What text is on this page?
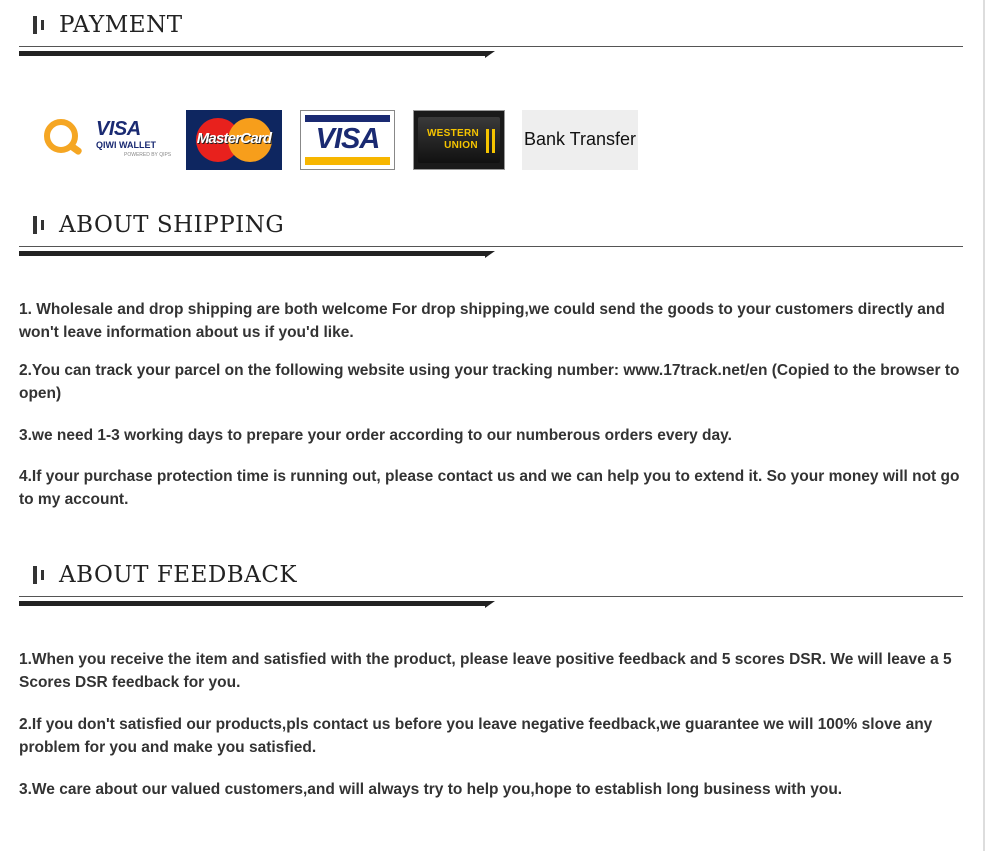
PAYMENT
VISA
QIWI WALLET
POWERED BY QIPS
MasterCard	VISA	WESTERN
UNION	Bank Transfer
ABOUT SHIPPING
1. Wholesale and drop shipping are both welcome For drop shipping,we could send the goods to your customers directly and won't leave information about us if you'd like.
2.You can track your parcel on the following website using your tracking number: www.17track.net/en (Copied to the browser to open)
3.we need 1-3 working days to prepare your order according to our numberous orders every day.
4.If your purchase protection time is running out, please contact us and we can help you to extend it. So your money will not go to my account.
ABOUT FEEDBACK
1.When you receive the item and satisfied with the product, please leave positive feedback and 5 scores DSR. We will leave a 5 Scores DSR feedback for you.
2.If you don't satisfied our products,pls contact us before you leave negative feedback,we guarantee we will 100% slove any problem for you and make you satisfied.
3.We care about our valued customers,and will always try to help you,hope to establish long business with you.
